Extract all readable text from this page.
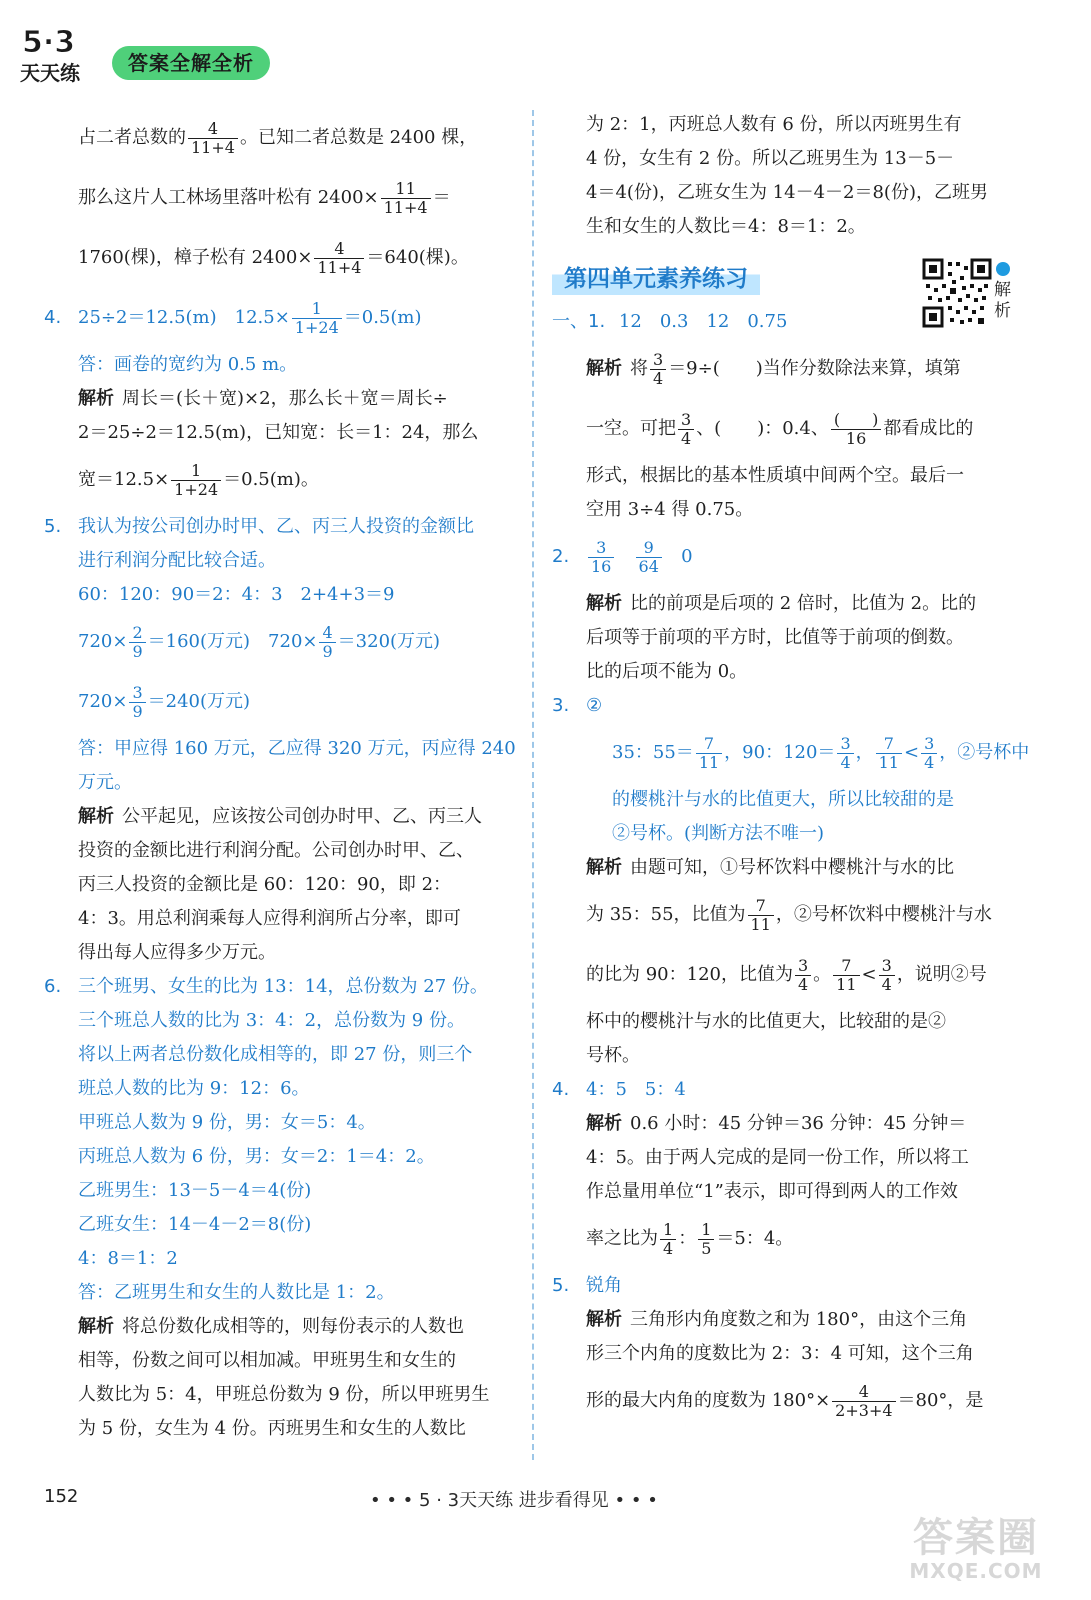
5·3
天天练	答案全解全析
占二者总数的 $\frac{4}{11+4}$ 。已知二者总数是 2400 棵，
那么这片人工林场里落叶松有 $2400\times \frac{11}{11+4}$ ＝
1760(棵)，樟子松有 $2400\times \frac{4}{11+4} =640$(棵)。
4. 25÷2＝12.5(m)　$12.5\times \frac{1}{1+24} =0.5(m)$
答：画卷的宽约为 0.5 m。
解析 周长＝(长＋宽)×2，那么长＋宽＝周长÷
2＝25÷2＝12.5(m)，已知宽：长＝1：24，那么
宽$=12.5\times \frac{1}{1+24} =0.5(m)$。
5. 我认为按公司创办时甲、乙、丙三人投资的金额比
进行利润分配比较合适。
60：120：90＝2：4：3　2+4+3＝9
$720\times \frac{2}{9} =160$(万元)　$720\times \frac{4}{9} =320$(万元)
$720\times \frac{3}{9} =240$(万元)
答：甲应得 160 万元，乙应得 320 万元，丙应得 240
万元。
解析 公平起见，应该按公司创办时甲、乙、丙三人
投资的金额比进行利润分配。公司创办时甲、乙、
丙三人投资的金额比是 60：120：90，即 2：
4：3。用总利润乘每人应得利润所占分率，即可
得出每人应得多少万元。
6. 三个班男、女生的比为 13：14，总份数为 27 份。
三个班总人数的比为 3：4：2，总份数为 9 份。
将以上两者总份数化成相等的，即 27 份，则三个
班总人数的比为 9：12：6。
甲班总人数为 9 份，男：女＝5：4。
丙班总人数为 6 份，男：女＝2：1＝4：2。
乙班男生：13－5－4＝4(份)
乙班女生：14－4－2＝8(份)
4：8＝1：2
答：乙班男生和女生的人数比是 1：2。
解析 将总份数化成相等的，则每份表示的人数也
相等，份数之间可以相加减。甲班男生和女生的
人数比为 5：4，甲班总份数为 9 份，所以甲班男生
为 5 份，女生为 4 份。丙班男生和女生的人数比
为 2：1，丙班总人数有 6 份，所以丙班男生有
4 份，女生有 2 份。所以乙班男生为 13－5－
4＝4(份)，乙班女生为 14－4－2＝8(份)，乙班男
生和女生的人数比＝4：8＝1：2。
第四单元素养练习
一、1. 12　0.3　12　0.75
解析 将 $\frac{3}{4} =9\div$(　　)当作分数除法来算，填第
一空。可把 $\frac{3}{4}$ 、(　　)：0.4、 $\frac{( )}{16}$ 都看成比的
形式，根据比的基本性质填中间两个空。最后一
空用 3÷4 得 0.75。
2. $\frac{3}{16}$
$\frac{9}{64} 0$
解析 比的前项是后项的 2 倍时，比值为 2。比的
后项等于前项的平方时，比值等于前项的倒数。
比的后项不能为 0。
3. ②
35：$55= \frac{7}{11}$ ，90：$120= \frac{3}{4}$ ， $\frac{7}{11} < \frac{3}{4}$ ，②号杯中
的樱桃汁与水的比值更大，所以比较甜的是
②号杯。(判断方法不唯一)
解析 由题可知，①号杯饮料中樱桃汁与水的比
为 35：55，比值为 $\frac{7}{11}$ ，②号杯饮料中樱桃汁与水
的比为 90：120，比值为 $\frac{3}{4}$ 。 $\frac{7}{11} < \frac{3}{4}$ ，说明②号
杯中的樱桃汁与水的比值更大，比较甜的是②
号杯。
4. 4：5　5：4
解析 0.6 小时：45 分钟＝36 分钟：45 分钟＝
4：5。由于两人完成的是同一份工作，所以将工
作总量用单位“1”表示，即可得到两人的工作效
率之比为 $\frac{1}{4}$ ： $\frac{1}{5} =5$：4。
5. 锐角
解析 三角形内角度数之和为 180°，由这个三角
形三个内角的度数比为 2：3：4 可知，这个三角
形的最大内角的度数为 $180^\circ\times \frac{4}{2+3+4} =80^\circ$，是
解析
152	• • • 5 · 3天天练 进步看得见 • • •
答案圈
MXQE.COM
